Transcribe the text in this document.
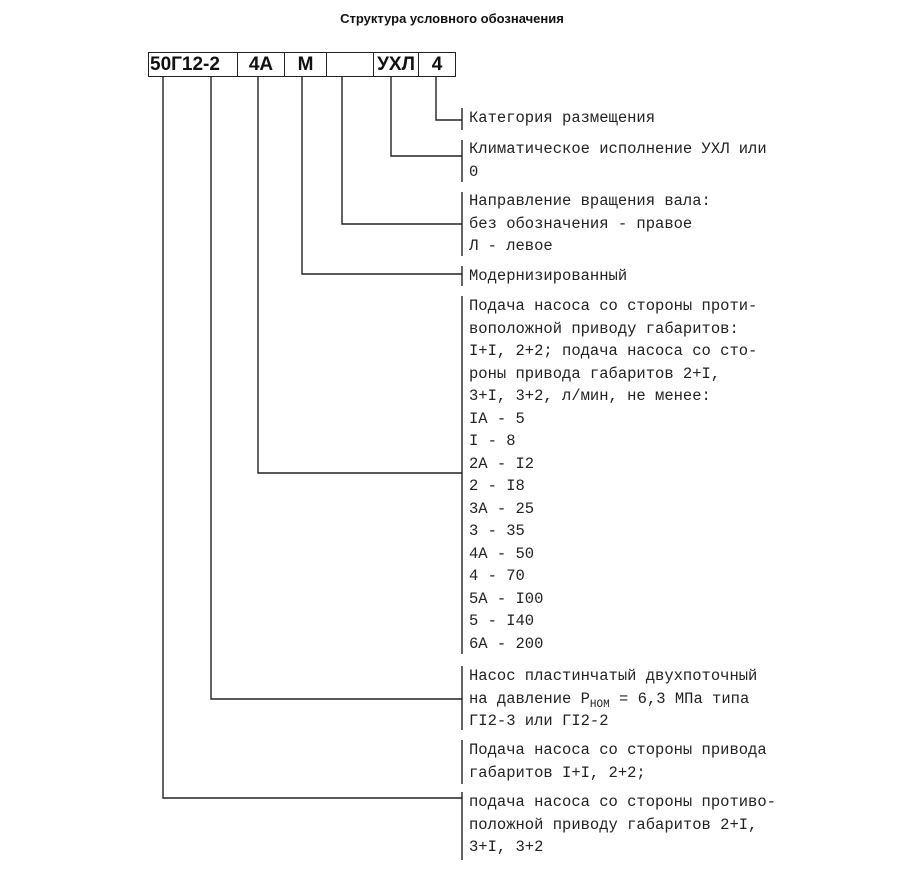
Структура условного обозначения
50Г12-2	4А	М	УХЛ 4
Категория размещения
Климатическое исполнение УХЛ или
0
Направление вращения вала:
без обозначения - правое
Л - левое
Модернизированный
Подача насоса со стороны проти-
воположной приводу габаритов:
I+I, 2+2; подача насоса со сто-
роны привода габаритов 2+I,
3+I, 3+2, л/мин, не менее:
IА - 5
I - 8
2А - I2
2 - I8
3А - 25
3 - 35
4А - 50
4 - 70
5А - I00
5 - I40
6А - 200
Насос пластинчатый двухпоточный
на давление $P_{НОМ} = 6,3$ МПа типа
ГI2-3 или ГI2-2
Подача насоса со стороны привода
габаритов I+I, 2+2;
подача насоса со стороны противо-
положной приводу габаритов 2+I,
3+I, 3+2
